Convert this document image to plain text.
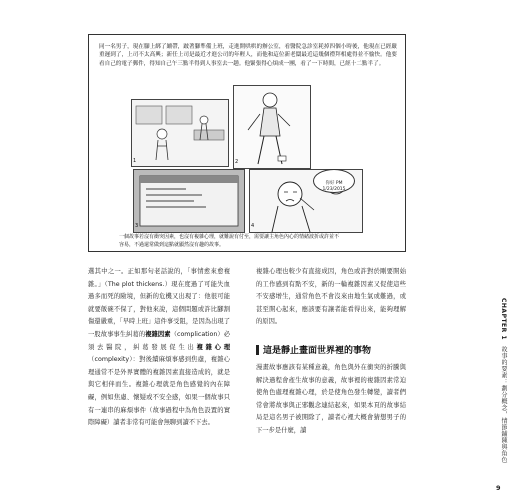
同一名男子，現在腳上綁了繃帶，跛著腳準備上班，走進開哄哄的辦公室，看醫院急診室耗掉四個小時後，他現在已經嚴重遲到了，上司不太高興；新任上司是最近才進公司的年輕人，而他和這位新老闆最近這幾個禮拜相處得並不愉快。他要看自己的電子郵件，得知自己午三點半得到人事室去一趟。他緊張得心煩成一團，看了一下時間，已經十二點半了。
1	2
3

你好 PM
1/23/2015

4
一個故事若沒有衝突因素，也沒有複雜心理，就難說有付至，需要讓主角色內心的情緒波折或許並不容易，不過還常做到這點就顯然沒有趣的故事。
選其中之一。正如那句老話說的，「事情愈來愈複雜。」（The plot thickens.）現在度過了可能失血過多而死的險境，但新的危機又出現了：他很可能就要飯碗不保了，對他來說，這個問題或許比腳割傷還嚴重，「早時上班」這件事受阻，是因為出現了一股故事事生糾葛的複雜因素（complication）必須去醫院，糾葛發展促生出複雜心理（complexity）：對後續麻煩事感到焦慮，複雜心理通常不是外界實體的複雜因素直接造成的，就是與它相伴而生。複雜心理就是角色感覺的內在障礙，例如焦慮、懷疑或不安全感，如果一個故事只有一連串的麻煩事件（故事過程中為角色設置的實際障礙）讀者非常有可能會無聊到讀不下去。
複雜心理也較少有直接成因，角色或許對於剛要開始的工作感到有點不安，新的一輪複雜因素又促使這些不安感增生，通常角色不會沒來由地生氣或難過，或甚至開心起來，應該要有讓者能看得出來，能夠理解的原因。
這是靜止畫面世界裡的事物
漫畫故事應該有某種意義，角色與外在衝突的折騰與解決過程會產生故事的意義，故事裡的複雜因素常迫使角色處理複雜心理，於是使角色發生轉變，讀者們常會將故事與正邪觀念連結起來，如果本頁的故事結局是這名男子被開除了，讀者心裡大概會猜想男子的下一步是什麼，讀
CHAPTER 1 故事的要素：劃分概念，情節鋪陳與角色
9
